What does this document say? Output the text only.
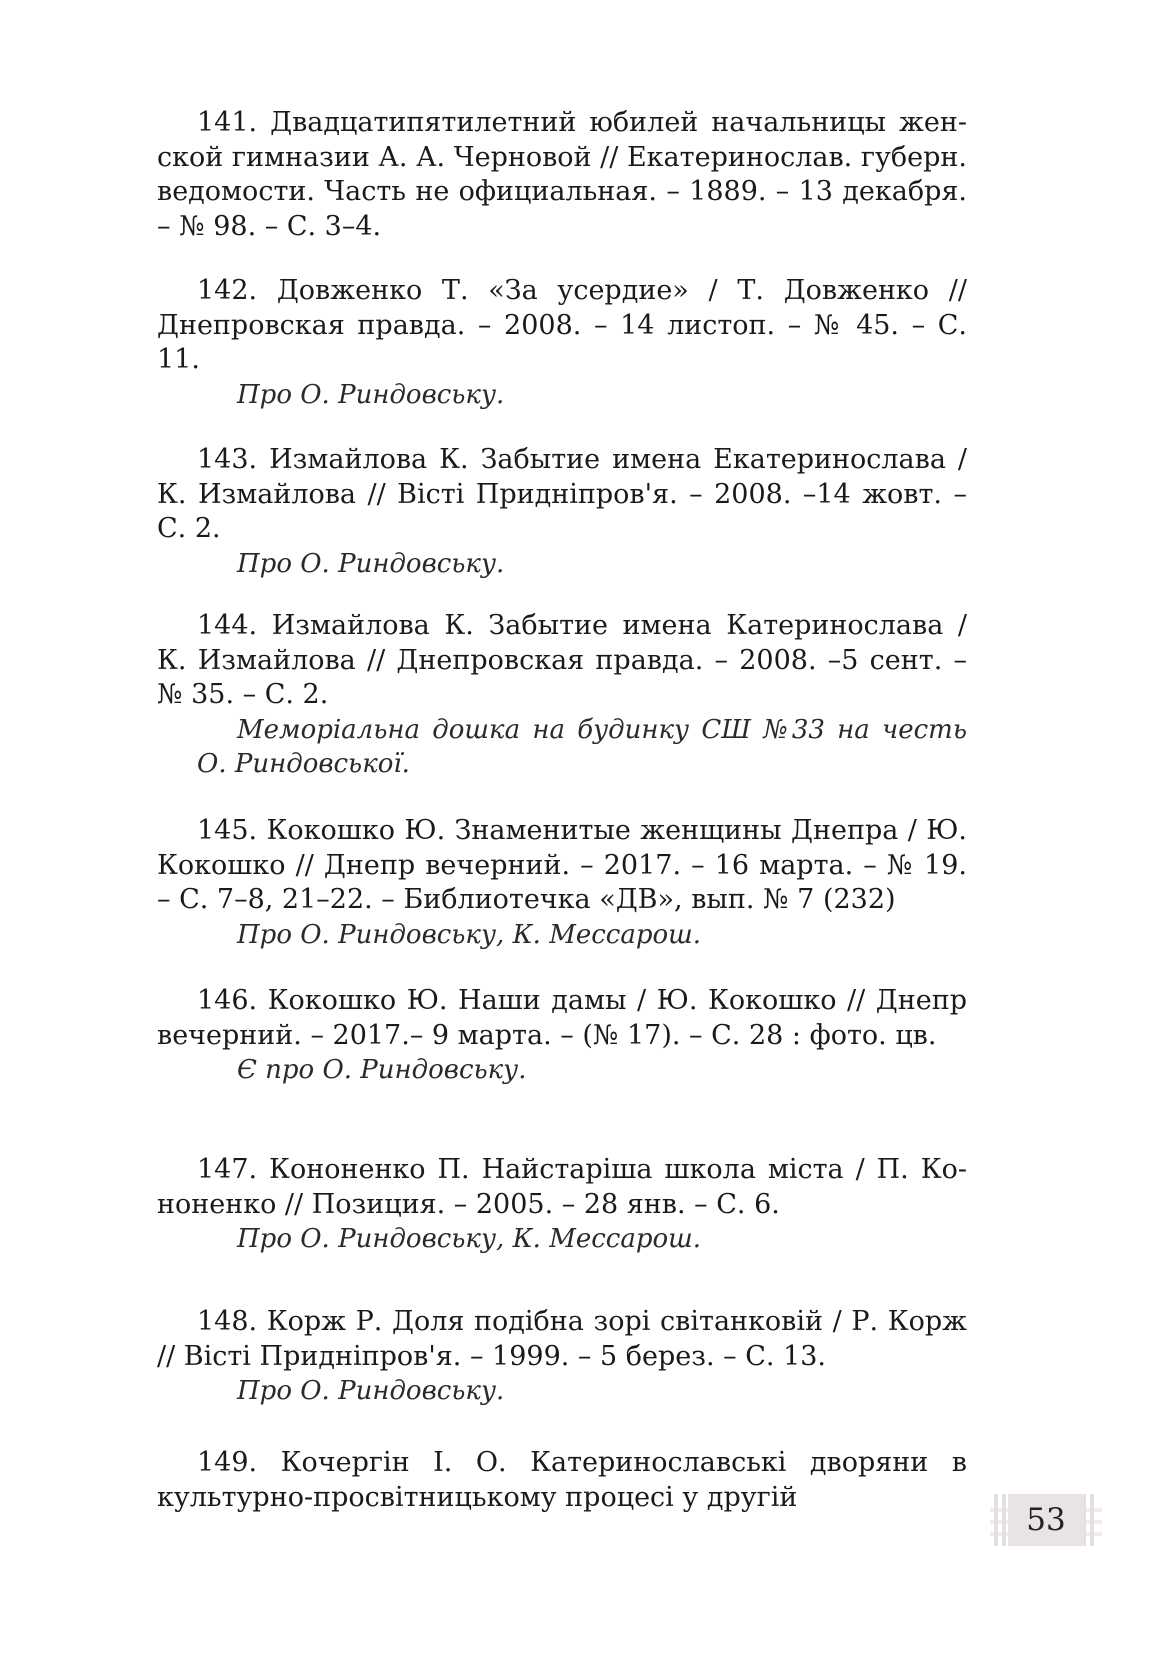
141. Двадцатипятилетний юбилей начальницы женской гимназии А. А. Черновой // Екатеринослав. губерн. ведомости. Часть не официальная. – 1889. – 13 декабря. – № 98. – С. 3–4.

142. Довженко Т. «За усердие» / Т. Довженко // Днепровская правда. – 2008. – 14 листоп. – № 45. – С. 11.

Про О. Риндовську.

143. Измайлова К. Забытие имена Екатеринослава / К. Измайлова // Вісті Придніпров'я. – 2008. –14 жовт. – С. 2.

Про О. Риндовську.

144. Измайлова К. Забытие имена Катеринослава / К. Измайлова // Днепровская правда. – 2008. –5 сент. – № 35. – С. 2.

Меморіальна дошка на будинку СШ №33 на честь О. Риндовської.

145. Кокошко Ю. Знаменитые женщины Днепра / Ю. Кокошко // Днепр вечерний. – 2017. – 16 марта. – № 19. – С. 7–8, 21–22. – Библиотечка «ДВ», вып. № 7 (232)

Про О. Риндовську, К. Мессарош.

146. Кокошко Ю. Наши дамы / Ю. Кокошко // Днепр вечерний. – 2017.– 9 марта. – (№ 17). – С. 28 : фото. цв.

Є про О. Риндовську.

147. Кононенко П. Найстаріша школа міста / П. Кононенко // Позиция. – 2005. – 28 янв. – С. 6.

Про О. Риндовську, К. Мессарош.

148. Корж Р. Доля подібна зорі світанковій / Р. Корж // Вісті Придніпров'я. – 1999. – 5 берез. – С. 13.

Про О. Риндовську.

149. Кочергін І. О. Катеринославські дворяни в культурно-просвітницькому процесі у другій

53
